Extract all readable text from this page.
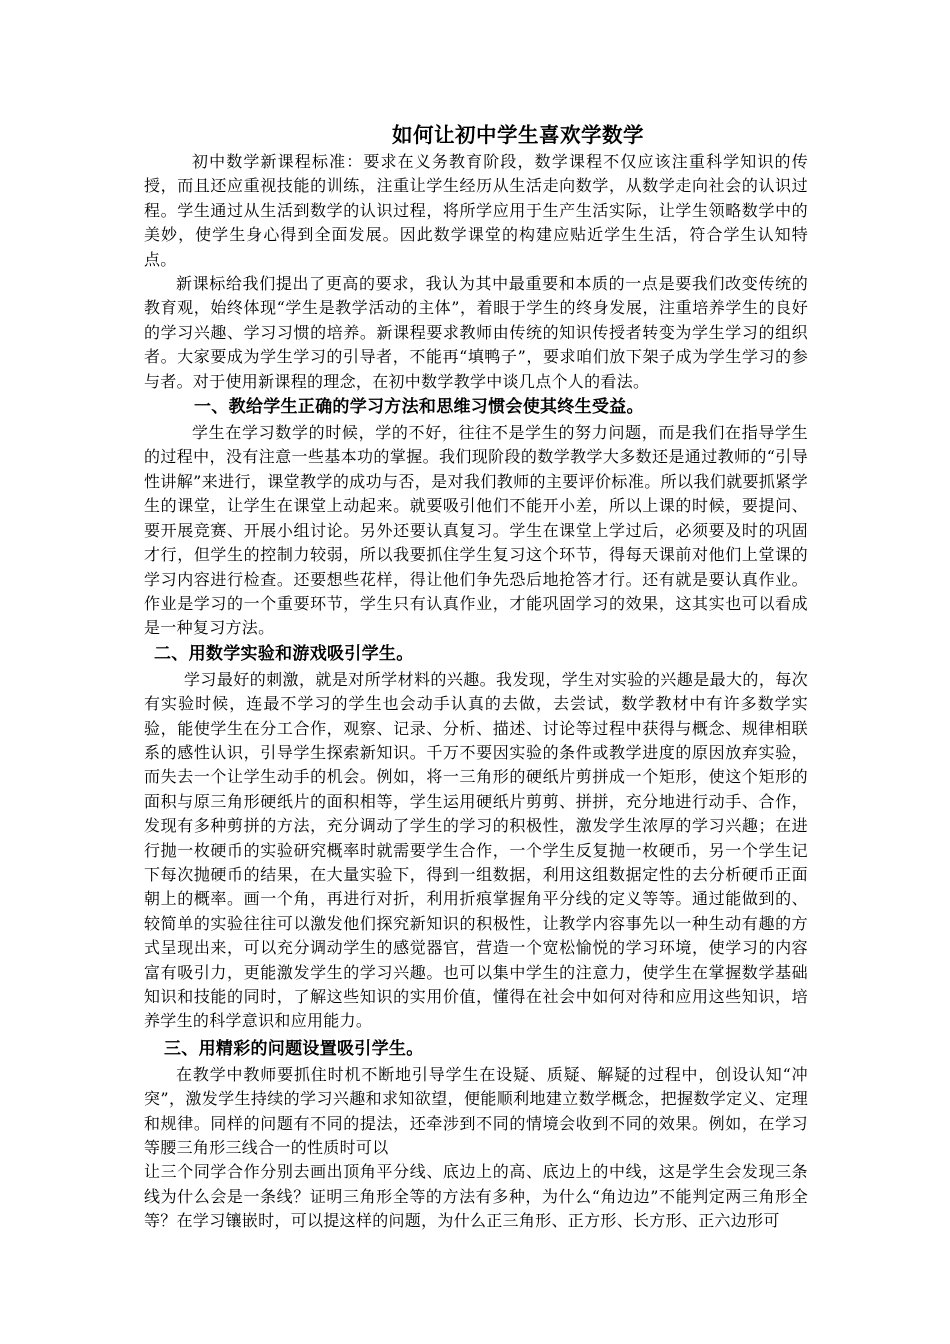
如何让初中学生喜欢学数学

初中数学新课程标准：要求在义务教育阶段，数学课程不仅应该注重科学知识的传授，而且还应重视技能的训练，注重让学生经历从生活走向数学，从数学走向社会的认识过程。学生通过从生活到数学的认识过程，将所学应用于生产生活实际，让学生领略数学中的美妙，使学生身心得到全面发展。因此数学课堂的构建应贴近学生生活，符合学生认知特点。

新课标给我们提出了更高的要求，我认为其中最重要和本质的一点是要我们改变传统的教育观，始终体现“学生是教学活动的主体”，着眼于学生的终身发展，注重培养学生的良好的学习兴趣、学习习惯的培养。新课程要求教师由传统的知识传授者转变为学生学习的组织者。大家要成为学生学习的引导者，不能再“填鸭子”，要求咱们放下架子成为学生学习的参与者。对于使用新课程的理念，在初中数学教学中谈几点个人的看法。

一、教给学生正确的学习方法和思维习惯会使其终生受益。

学生在学习数学的时候，学的不好，往往不是学生的努力问题，而是我们在指导学生的过程中，没有注意一些基本功的掌握。我们现阶段的数学教学大多数还是通过教师的“引导性讲解”来进行，课堂教学的成功与否，是对我们教师的主要评价标准。所以我们就要抓紧学生的课堂，让学生在课堂上动起来。就要吸引他们不能开小差，所以上课的时候，要提问、要开展竞赛、开展小组讨论。另外还要认真复习。学生在课堂上学过后，必须要及时的巩固才行，但学生的控制力较弱，所以我要抓住学生复习这个环节，得每天课前对他们上堂课的学习内容进行检查。还要想些花样，得让他们争先恐后地抢答才行。还有就是要认真作业。作业是学习的一个重要环节，学生只有认真作业，才能巩固学习的效果，这其实也可以看成是一种复习方法。

二、用数学实验和游戏吸引学生。

学习最好的刺激，就是对所学材料的兴趣。我发现，学生对实验的兴趣是最大的，每次有实验时候，连最不学习的学生也会动手认真的去做，去尝试，数学教材中有许多数学实验，能使学生在分工合作，观察、记录、分析、描述、讨论等过程中获得与概念、规律相联系的感性认识，引导学生探索新知识。千万不要因实验的条件或教学进度的原因放弃实验，而失去一个让学生动手的机会。例如，将一三角形的硬纸片剪拼成一个矩形，使这个矩形的面积与原三角形硬纸片的面积相等，学生运用硬纸片剪剪、拼拼，充分地进行动手、合作，发现有多种剪拼的方法，充分调动了学生的学习的积极性，激发学生浓厚的学习兴趣；在进行抛一枚硬币的实验研究概率时就需要学生合作，一个学生反复抛一枚硬币，另一个学生记下每次抛硬币的结果，在大量实验下，得到一组数据，利用这组数据定性的去分析硬币正面朝上的概率。画一个角，再进行对折，利用折痕掌握角平分线的定义等等。通过能做到的、较简单的实验往往可以激发他们探究新知识的积极性，让教学内容事先以一种生动有趣的方式呈现出来，可以充分调动学生的感觉器官，营造一个宽松愉悦的学习环境，使学习的内容富有吸引力，更能激发学生的学习兴趣。也可以集中学生的注意力，使学生在掌握数学基础知识和技能的同时，了解这些知识的实用价值，懂得在社会中如何对待和应用这些知识，培养学生的科学意识和应用能力。

三、用精彩的问题设置吸引学生。

在教学中教师要抓住时机不断地引导学生在设疑、质疑、解疑的过程中，创设认知“冲突”，激发学生持续的学习兴趣和求知欲望，便能顺利地建立数学概念，把握数学定义、定理和规律。同样的问题有不同的提法，还牵涉到不同的情境会收到不同的效果。例如，在学习等腰三角形三线合一的性质时可以

让三个同学合作分别去画出顶角平分线、底边上的高、底边上的中线，这是学生会发现三条线为什么会是一条线？证明三角形全等的方法有多种，为什么“角边边”不能判定两三角形全等？在学习镶嵌时，可以提这样的问题，为什么正三角形、正方形、长方形、正六边形可
